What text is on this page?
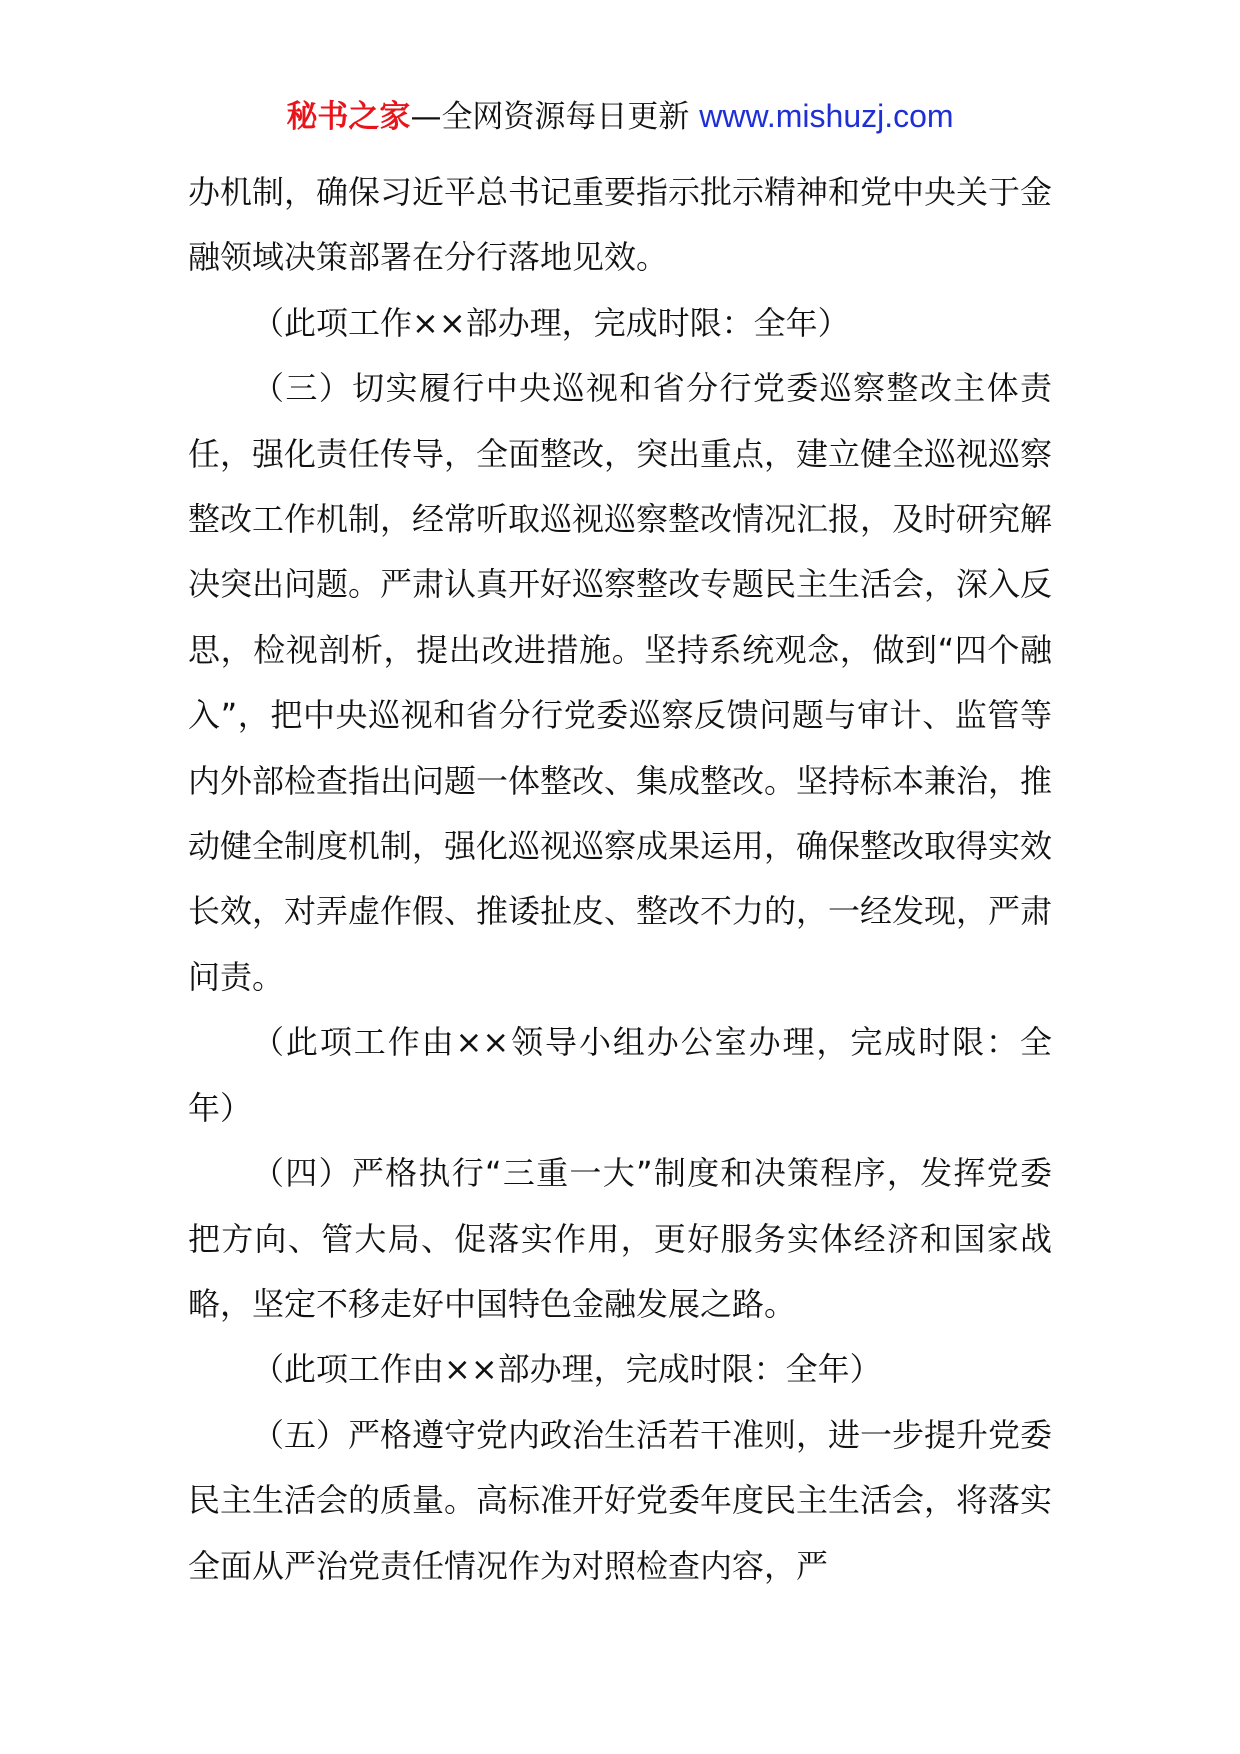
秘书之家—全网资源每日更新 www.mishuzj.com

办机制，确保习近平总书记重要指示批示精神和党中央关于金融领域决策部署在分行落地见效。

（此项工作××部办理，完成时限：全年）

（三）切实履行中央巡视和省分行党委巡察整改主体责任，强化责任传导，全面整改，突出重点，建立健全巡视巡察整改工作机制，经常听取巡视巡察整改情况汇报，及时研究解决突出问题。严肃认真开好巡察整改专题民主生活会，深入反思，检视剖析，提出改进措施。坚持系统观念，做到“四个融入”，把中央巡视和省分行党委巡察反馈问题与审计、监管等内外部检查指出问题一体整改、集成整改。坚持标本兼治，推动健全制度机制，强化巡视巡察成果运用，确保整改取得实效长效，对弄虚作假、推诿扯皮、整改不力的，一经发现，严肃问责。

（此项工作由××领导小组办公室办理，完成时限：全年）

（四）严格执行“三重一大”制度和决策程序，发挥党委把方向、管大局、促落实作用，更好服务实体经济和国家战略，坚定不移走好中国特色金融发展之路。

（此项工作由××部办理，完成时限：全年）

（五）严格遵守党内政治生活若干准则，进一步提升党委民主生活会的质量。高标准开好党委年度民主生活会，将落实全面从严治党责任情况作为对照检查内容，严
